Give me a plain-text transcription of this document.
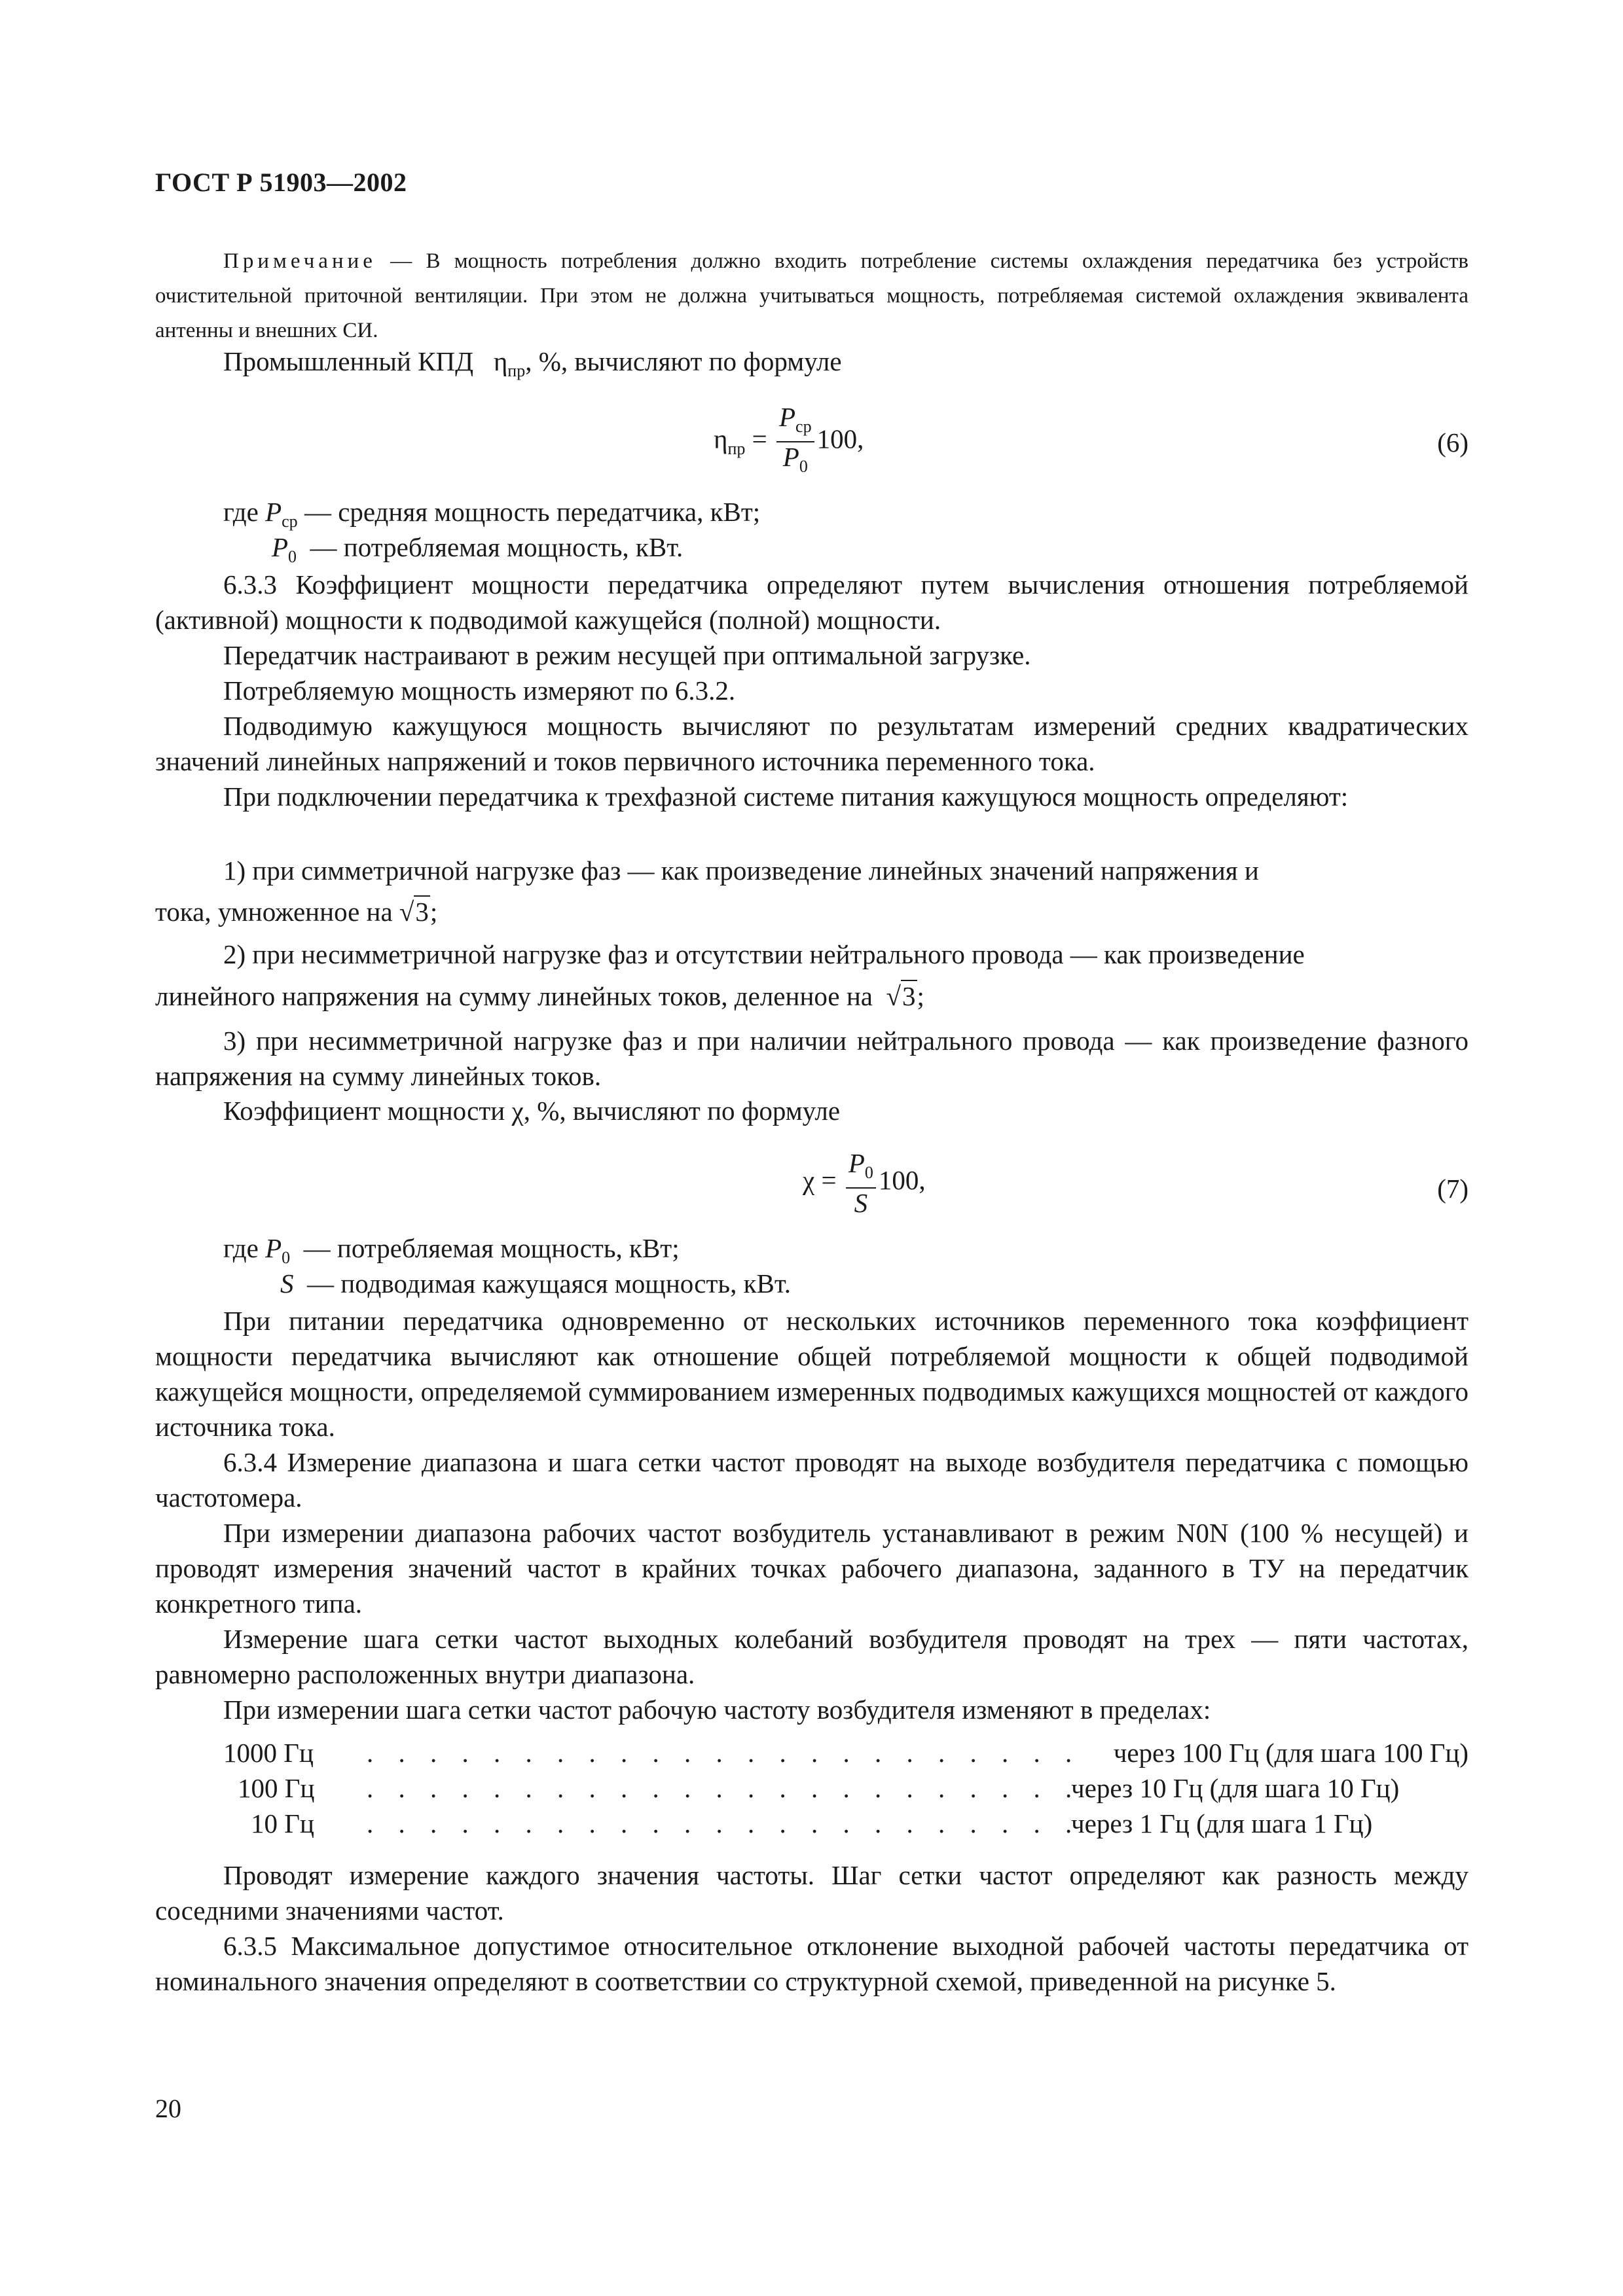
ГОСТ Р 51903—2002
Примечание — В мощность потребления должно входить потребление системы охлаждения передатчика без устройств очистительной приточной вентиляции. При этом не должна учитываться мощность, потребляемая системой охлаждения эквивалента антенны и внешних СИ.
Промышленный КПД $\eta_{пр}$, %, вычисляют по формуле
$\eta_{пр} = \frac{P_{ср}}{P_0} 100$,	(6)
где $P_{ср}$ — средняя мощность передатчика, кВт;
$P_0$ — потребляемая мощность, кВт.
6.3.3 Коэффициент мощности передатчика определяют путем вычисления отношения потребляемой (активной) мощности к подводимой кажущейся (полной) мощности.
Передатчик настраивают в режим несущей при оптимальной загрузке.
Потребляемую мощность измеряют по 6.3.2.
Подводимую кажущуюся мощность вычисляют по результатам измерений средних квадратических значений линейных напряжений и токов первичного источника переменного тока.
При подключении передатчика к трехфазной системе питания кажущуюся мощность определяют:
1) при симметричной нагрузке фаз — как произведение линейных значений напряжения и
тока, умноженное на √3;
2) при несимметричной нагрузке фаз и отсутствии нейтрального провода — как произведение
линейного напряжения на сумму линейных токов, деленное на √3;
3) при несимметричной нагрузке фаз и при наличии нейтрального провода — как произведение фазного напряжения на сумму линейных токов.
Коэффициент мощности χ, %, вычисляют по формуле
$\chi = \frac{P_0}{S} 100$,	(7)
где $P_0$ — потребляемая мощность, кВт;
S — подводимая кажущаяся мощность, кВт.
При питании передатчика одновременно от нескольких источников переменного тока коэффициент мощности передатчика вычисляют как отношение общей потребляемой мощности к общей подводимой кажущейся мощности, определяемой суммированием измеренных подводимых кажущихся мощностей от каждого источника тока.
6.3.4 Измерение диапазона и шага сетки частот проводят на выходе возбудителя передатчика с помощью частотомера.
При измерении диапазона рабочих частот возбудитель устанавливают в режим N0N (100 % несущей) и проводят измерения значений частот в крайних точках рабочего диапазона, заданного в ТУ на передатчик конкретного типа.
Измерение шага сетки частот выходных колебаний возбудителя проводят на трех — пяти частотах, равномерно расположенных внутри диапазона.
При измерении шага сетки частот рабочую частоту возбудителя изменяют в пределах:
1000 Гц . . . . . . . . . . . . . . . . . . . . . . . через 100 Гц (для шага 100 Гц)
100 Гц . . . . . . . . . . . . . . . . . . . . . . .
через 10 Гц (для шага 10 Гц)
10 Гц . . . . . . . . . . . . . . . . . . . . . . .
через 1 Гц (для шага 1 Гц)
Проводят измерение каждого значения частоты. Шаг сетки частот определяют как разность между соседними значениями частот.
6.3.5 Максимальное допустимое относительное отклонение выходной рабочей частоты передатчика от номинального значения определяют в соответствии со структурной схемой, приведенной на рисунке 5.
20
